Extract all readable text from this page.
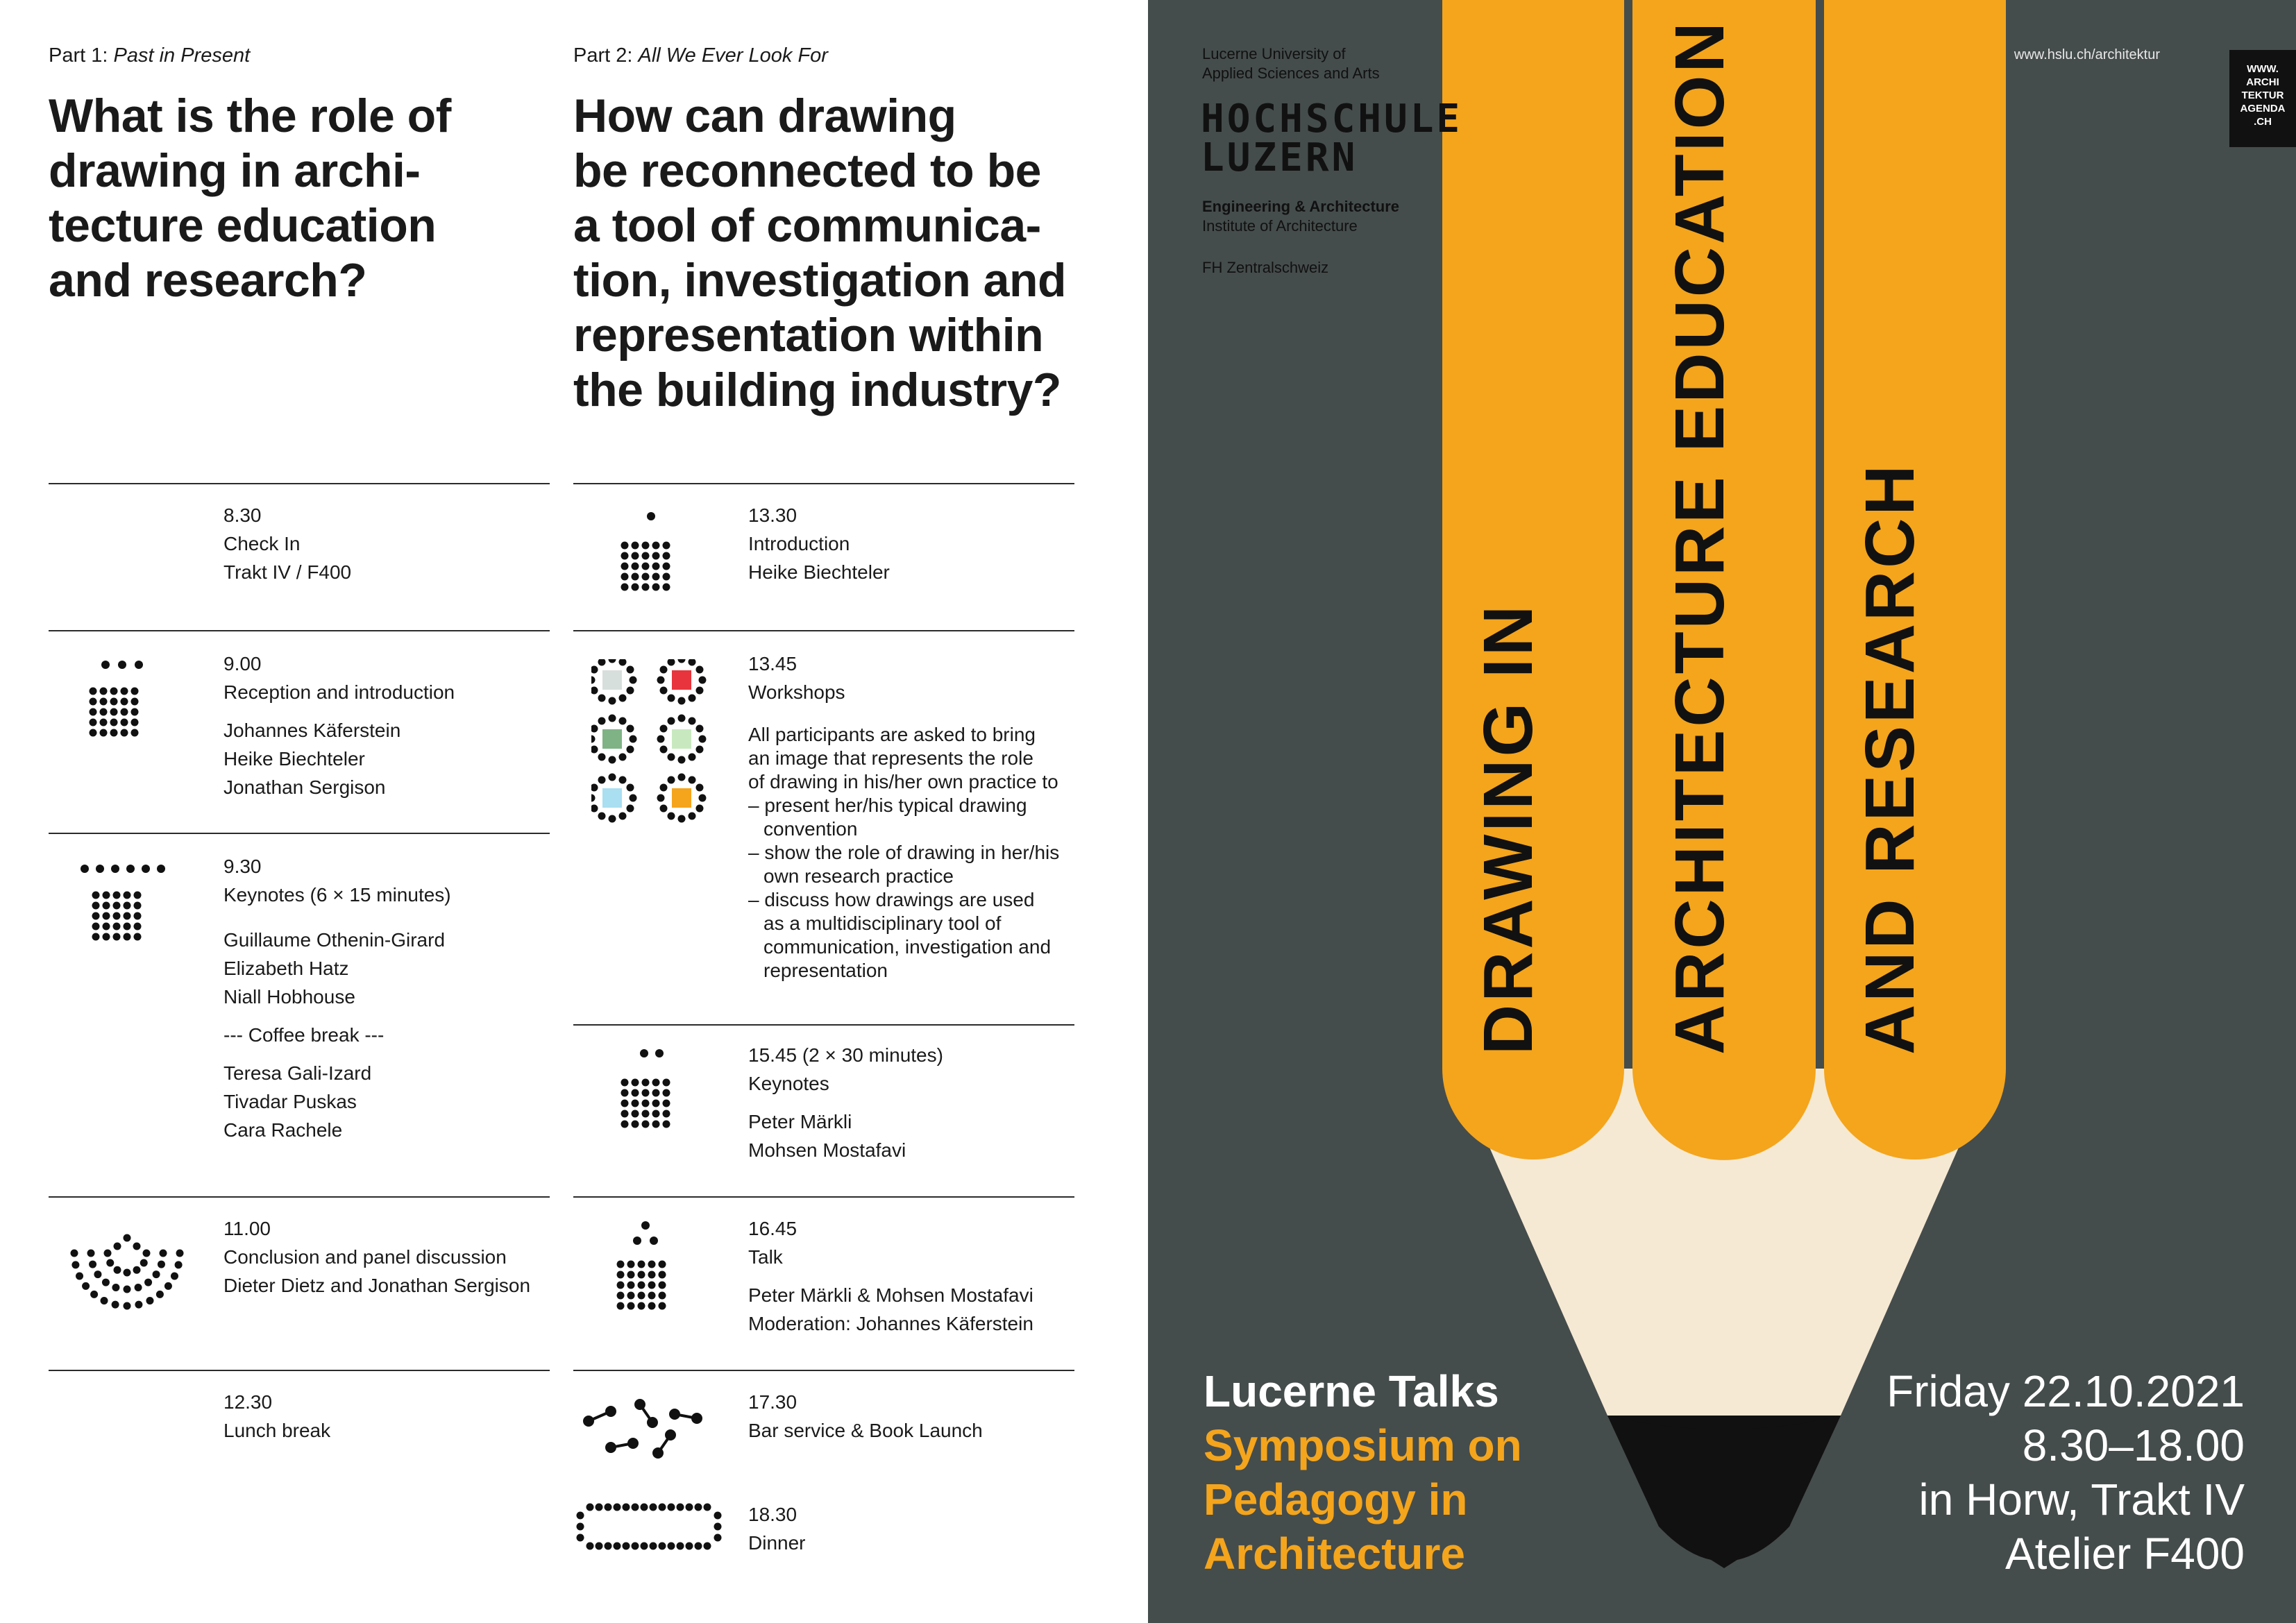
Part 1: Past in Present
What is the role of
drawing in archi-
tecture education
and research?
8.30
Check In
Trakt IV / F400
9.00
Reception and introduction
Johannes Käferstein
Heike Biechteler
Jonathan Sergison
9.30
Keynotes (6 × 15 minutes)
Guillaume Othenin-Girard
Elizabeth Hatz
Niall Hobhouse
--- Coffee break ---
Teresa Gali-Izard
Tivadar Puskas
Cara Rachele
11.00
Conclusion and panel discussion
Dieter Dietz and Jonathan Sergison
12.30
Lunch break
Part 2: All We Ever Look For
How can drawing
be reconnected to be
a tool of communica-
tion, investigation and
representation within
the building industry?
13.30
Introduction
Heike Biechteler
13.45
Workshops
All participants are asked to bring
an image that represents the role
of drawing in his/her own practice to
– present her/his typical drawing
convention
– show the role of drawing in her/his
own research practice
– discuss how drawings are used
as a multidisciplinary tool of
communication, investigation and
representation
15.45 (2 × 30 minutes)
Keynotes
Peter Märkli
Mohsen Mostafavi
16.45
Talk
Peter Märkli & Mohsen Mostafavi
Moderation: Johannes Käferstein
17.30
Bar service & Book Launch
18.30
Dinner
DRAWING IN ARCHITECTURE EDUCATION AND RESEARCH
Lucerne University of
Applied Sciences and Arts
HOCHSCHULE
LUZERN
Engineering & Architecture
Institute of Architecture
FH Zentralschweiz
www.hslu.ch/architektur
WWW.
ARCHI
TEKTUR
AGENDA
.CH
Lucerne Talks
Symposium on
Pedagogy in
Architecture
Friday 22.10.2021
8.30–18.00
in Horw, Trakt IV
Atelier F400
